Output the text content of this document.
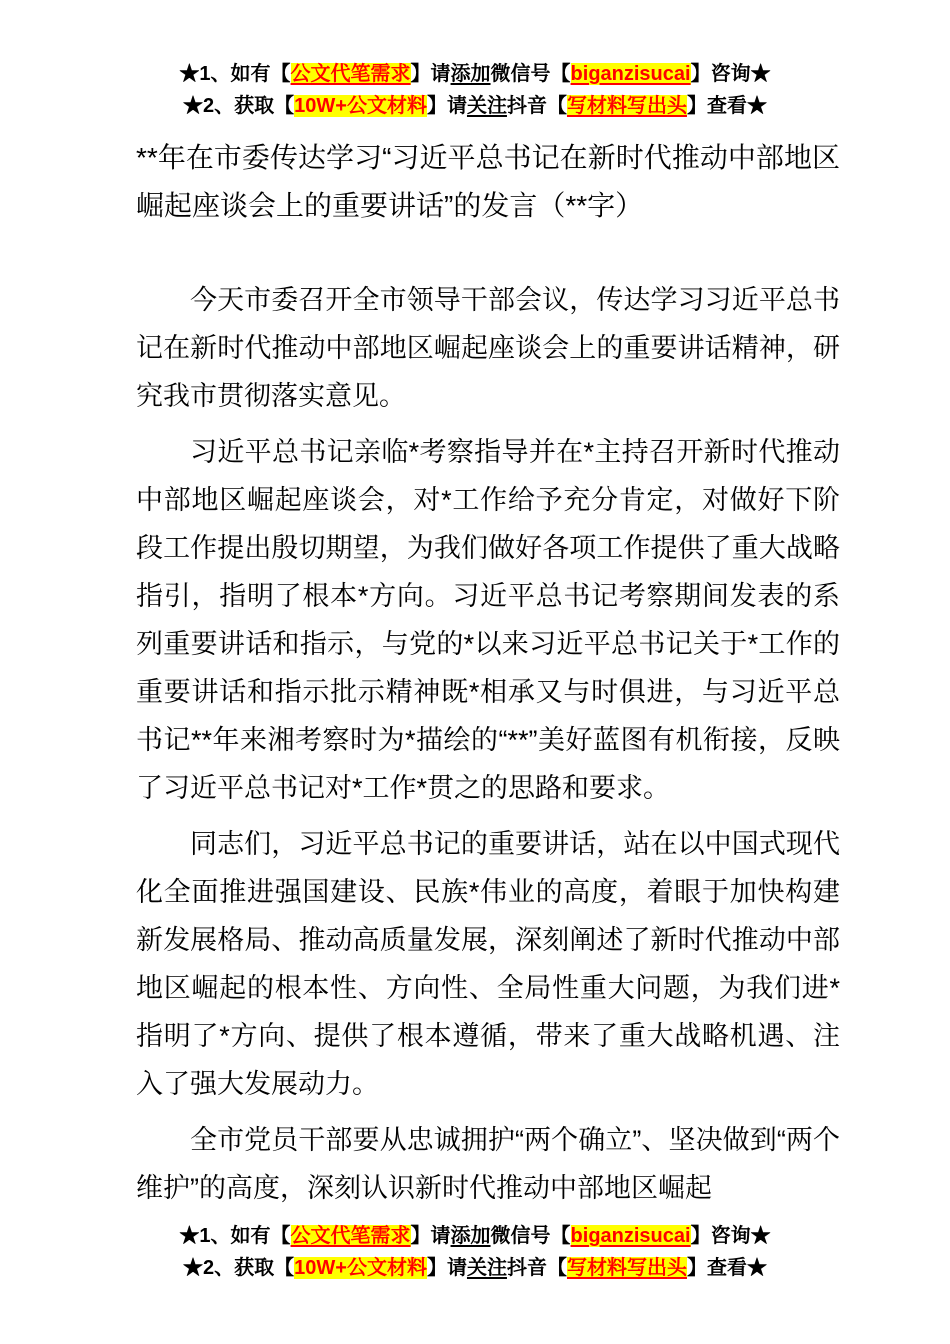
★1、如有【公文代笔需求】请添加微信号【biganzisucai】咨询★
★2、获取【10W+公文材料】请关注抖音【写材料写出头】查看★
**年在市委传达学习“习近平总书记在新时代推动中部地区崛起座谈会上的重要讲话”的发言（**字）

今天市委召开全市领导干部会议，传达学习习近平总书记在新时代推动中部地区崛起座谈会上的重要讲话精神，研究我市贯彻落实意见。

习近平总书记亲临*考察指导并在*主持召开新时代推动中部地区崛起座谈会，对*工作给予充分肯定，对做好下阶段工作提出殷切期望，为我们做好各项工作提供了重大战略指引，指明了根本*方向。习近平总书记考察期间发表的系列重要讲话和指示，与党的*以来习近平总书记关于*工作的重要讲话和指示批示精神既*相承又与时俱进，与习近平总书记**年来湘考察时为*描绘的“**”美好蓝图有机衔接，反映了习近平总书记对*工作*贯之的思路和要求。

同志们，习近平总书记的重要讲话，站在以中国式现代化全面推进强国建设、民族*伟业的高度，着眼于加快构建新发展格局、推动高质量发展，深刻阐述了新时代推动中部地区崛起的根本性、方向性、全局性重大问题，为我们进*指明了*方向、提供了根本遵循，带来了重大战略机遇、注入了强大发展动力。

全市党员干部要从忠诚拥护“两个确立”、坚决做到“两个维护”的高度，深刻认识新时代推动中部地区崛起

★1、如有【公文代笔需求】请添加微信号【biganzisucai】咨询★
★2、获取【10W+公文材料】请关注抖音【写材料写出头】查看★
